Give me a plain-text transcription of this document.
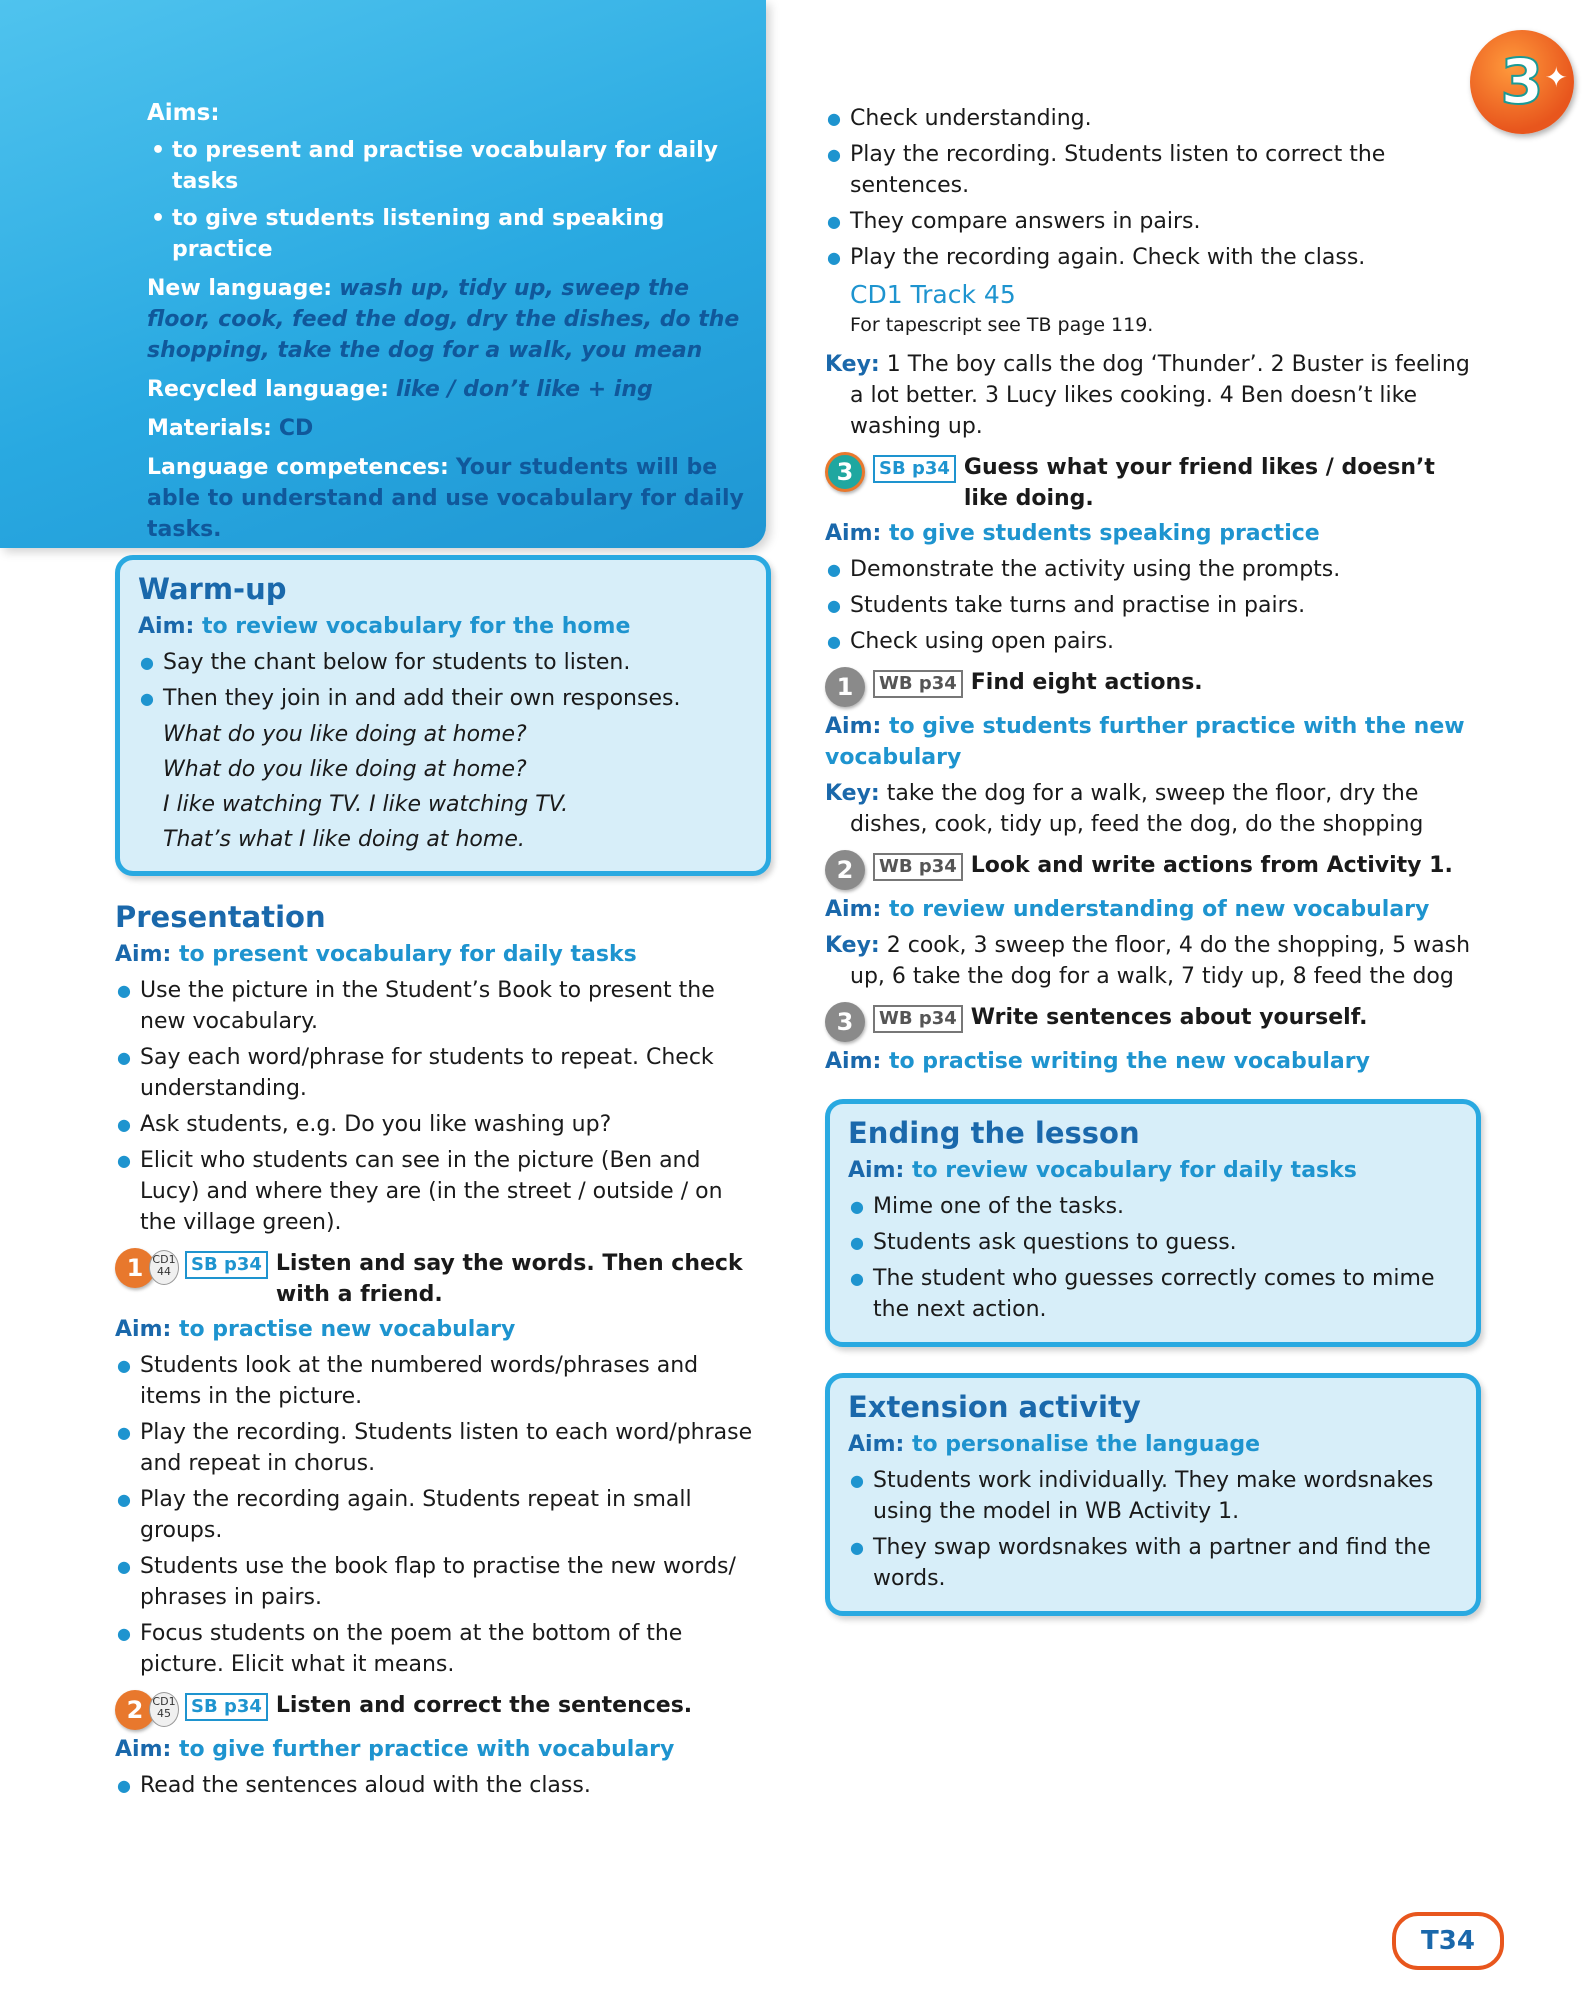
Aims:
• to present and practise vocabulary for daily tasks
• to give students listening and speaking practice
New language: wash up, tidy up, sweep the floor, cook, feed the dog, dry the dishes, do the shopping, take the dog for a walk, you mean
Recycled language: like / don’t like + ing
Materials: CD
Language competences: Your students will be able to understand and use vocabulary for daily tasks.
3 ✦
Warm-up
Aim: to review vocabulary for the home
● Say the chant below for students to listen.
● Then they join in and add their own responses.
What do you like doing at home?
What do you like doing at home?
I like watching TV. I like watching TV.
That’s what I like doing at home.
Presentation
Aim: to present vocabulary for daily tasks
● Use the picture in the Student’s Book to present the new vocabulary.
● Say each word/phrase for students to repeat. Check understanding.
● Ask students, e.g. Do you like washing up?
● Elicit who students can see in the picture (Ben and Lucy) and where they are (in the street / outside / on the village green).
1 CD1 44	SB p34 Listen and say the words. Then check with a friend.
Aim: to practise new vocabulary
● Students look at the numbered words/phrases and items in the picture.
● Play the recording. Students listen to each word/phrase and repeat in chorus.
● Play the recording again. Students repeat in small groups.
● Students use the book flap to practise the new words/ phrases in pairs.
● Focus students on the poem at the bottom of the picture. Elicit what it means.
2 CD1 45	SB p34 Listen and correct the sentences.
Aim: to give further practice with vocabulary
● Read the sentences aloud with the class.
● Check understanding.
● Play the recording. Students listen to correct the sentences.
● They compare answers in pairs.
● Play the recording again. Check with the class.
CD1 Track 45
For tapescript see TB page 119.
Key: 1 The boy calls the dog ‘Thunder’. 2 Buster is feeling a lot better. 3 Lucy likes cooking. 4 Ben doesn’t like washing up.
3	SB p34 Guess what your friend likes / doesn’t like doing.
Aim: to give students speaking practice
● Demonstrate the activity using the prompts.
● Students take turns and practise in pairs.
● Check using open pairs.
1	WB p34 Find eight actions.
Aim: to give students further practice with the new vocabulary
Key: take the dog for a walk, sweep the floor, dry the dishes, cook, tidy up, feed the dog, do the shopping
2	WB p34 Look and write actions from Activity 1.
Aim: to review understanding of new vocabulary
Key: 2 cook, 3 sweep the floor, 4 do the shopping, 5 wash up, 6 take the dog for a walk, 7 tidy up, 8 feed the dog
3	WB p34 Write sentences about yourself.
Aim: to practise writing the new vocabulary
Ending the lesson
Aim: to review vocabulary for daily tasks
● Mime one of the tasks.
● Students ask questions to guess.
● The student who guesses correctly comes to mime the next action.
Extension activity
Aim: to personalise the language
● Students work individually. They make wordsnakes using the model in WB Activity 1.
● They swap wordsnakes with a partner and find the words.
T34
